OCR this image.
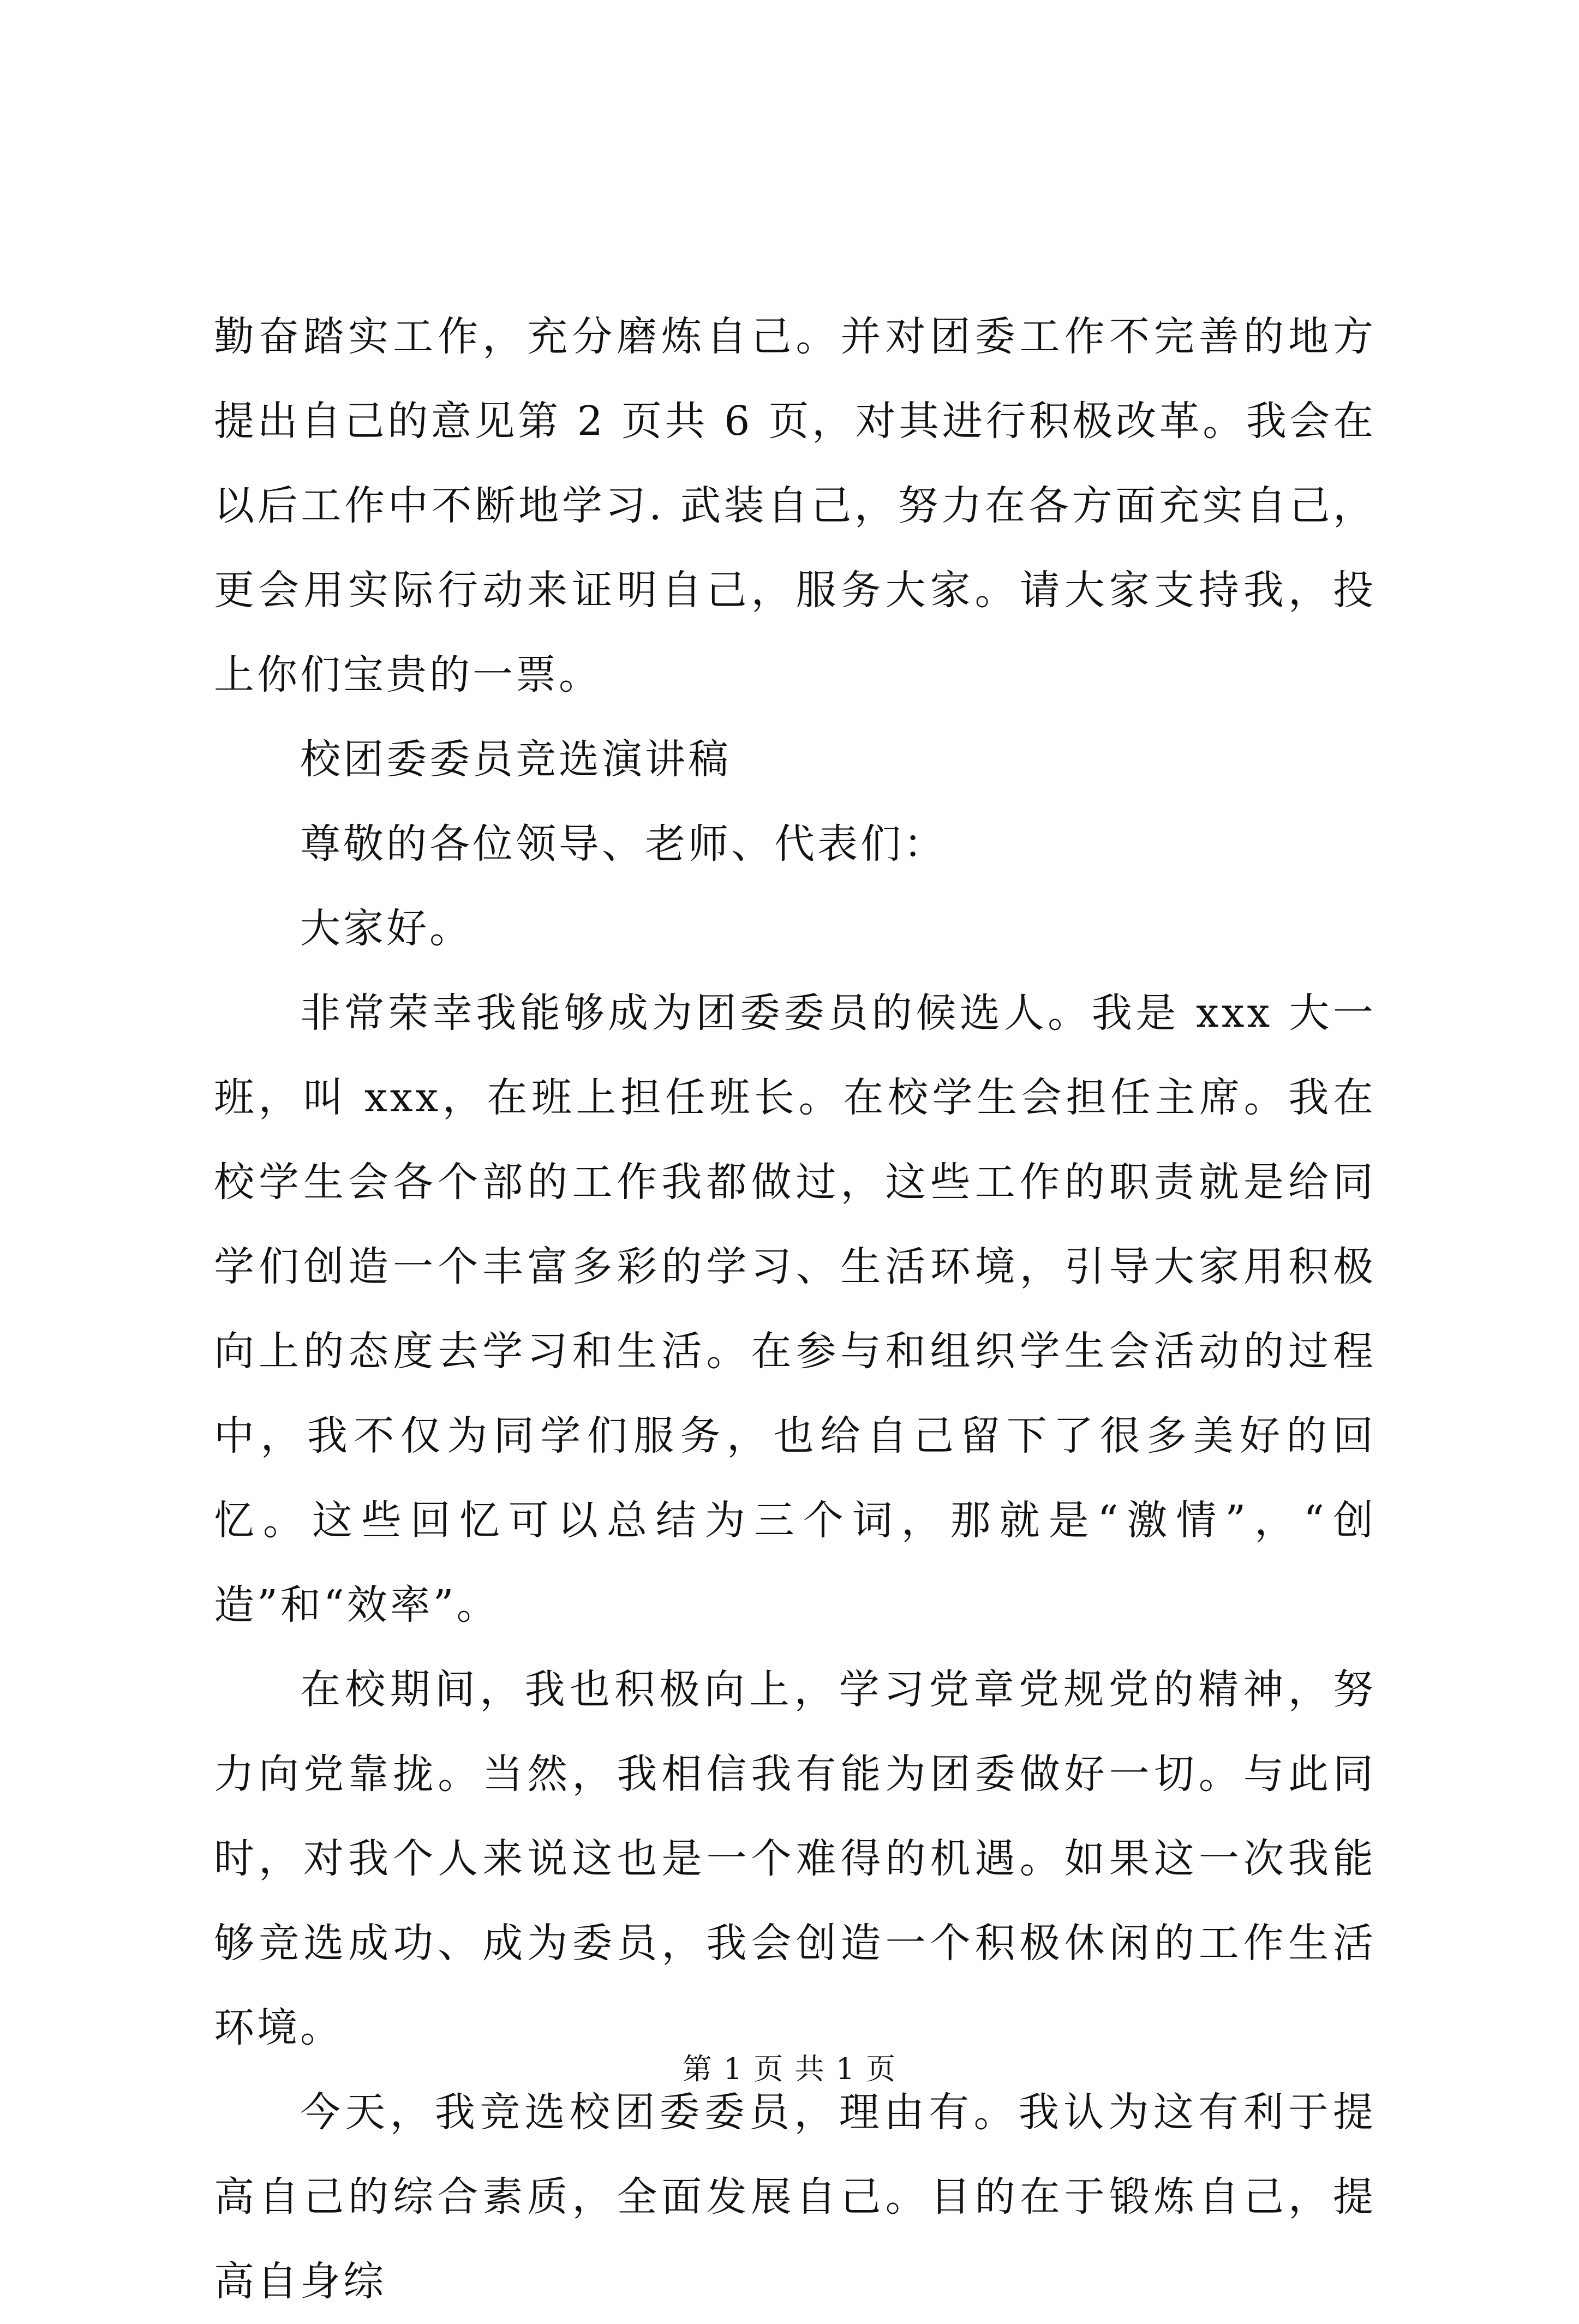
勤奋踏实工作，充分磨炼自己。并对团委工作不完善的地方提出自己的意见第 2 页共 6 页，对其进行积极改革。我会在以后工作中不断地学习. 武装自己，努力在各方面充实自己，更会用实际行动来证明自己，服务大家。请大家支持我，投上你们宝贵的一票。

校团委委员竞选演讲稿

尊敬的各位领导、老师、代表们：

大家好。

非常荣幸我能够成为团委委员的候选人。我是 xxx 大一班，叫 xxx，在班上担任班长。在校学生会担任主席。我在校学生会各个部的工作我都做过，这些工作的职责就是给同学们创造一个丰富多彩的学习、生活环境，引导大家用积极向上的态度去学习和生活。在参与和组织学生会活动的过程中，我不仅为同学们服务，也给自己留下了很多美好的回忆。这些回忆可以总结为三个词，那就是“激情”，“创造”和“效率”。

在校期间，我也积极向上，学习党章党规党的精神，努力向党靠拢。当然，我相信我有能为团委做好一切。与此同时，对我个人来说这也是一个难得的机遇。如果这一次我能够竞选成功、成为委员，我会创造一个积极休闲的工作生活环境。

今天，我竞选校团委委员，理由有。我认为这有利于提高自己的综合素质，全面发展自己。目的在于锻炼自己，提高自身综

第 1 页 共 1 页
